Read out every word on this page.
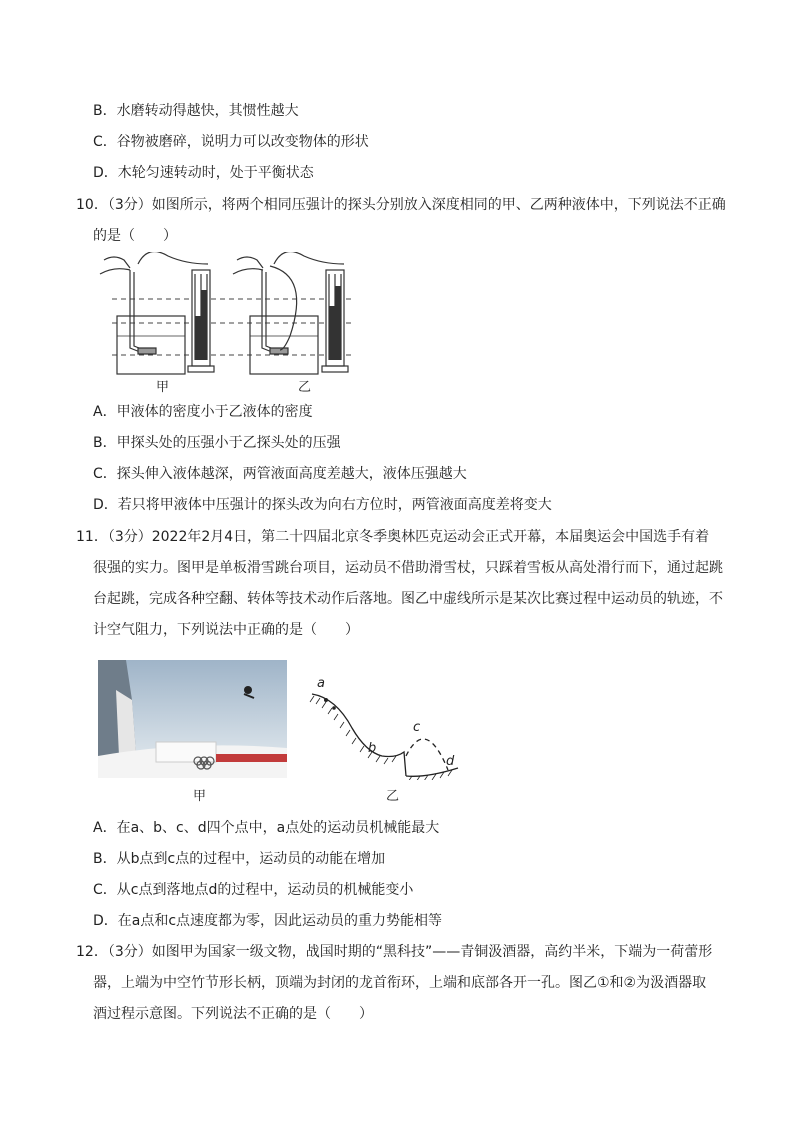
B．水磨转动得越快，其惯性越大
C．谷物被磨碎，说明力可以改变物体的形状
D．木轮匀速转动时，处于平衡状态
10．（3分）如图所示，将两个相同压强计的探头分别放入深度相同的甲、乙两种液体中，下列说法不正确
的是（　　）
甲	乙
A．甲液体的密度小于乙液体的密度
B．甲探头处的压强小于乙探头处的压强
C．探头伸入液体越深，两管液面高度差越大，液体压强越大
D．若只将甲液体中压强计的探头改为向右方位时，两管液面高度差将变大
11．（3分）2022年2月4日，第二十四届北京冬季奥林匹克运动会正式开幕，本届奥运会中国选手有着
很强的实力。图甲是单板滑雪跳台项目，运动员不借助滑雪杖，只踩着雪板从高处滑行而下，通过起跳
台起跳，完成各种空翻、转体等技术动作后落地。图乙中虚线所示是某次比赛过程中运动员的轨迹，不
计空气阻力，下列说法中正确的是（　　）
甲
a
b
c
d
乙
A．在a、b、c、d四个点中，a点处的运动员机械能最大
B．从b点到c点的过程中，运动员的动能在增加
C．从c点到落地点d的过程中，运动员的机械能变小
D．在a点和c点速度都为零，因此运动员的重力势能相等
12．（3分）如图甲为国家一级文物，战国时期的“黑科技”——青铜汲酒器，高约半米，下端为一荷蕾形
器，上端为中空竹节形长柄，顶端为封闭的龙首衔环，上端和底部各开一孔。图乙①和②为汲酒器取
酒过程示意图。下列说法不正确的是（　　）
